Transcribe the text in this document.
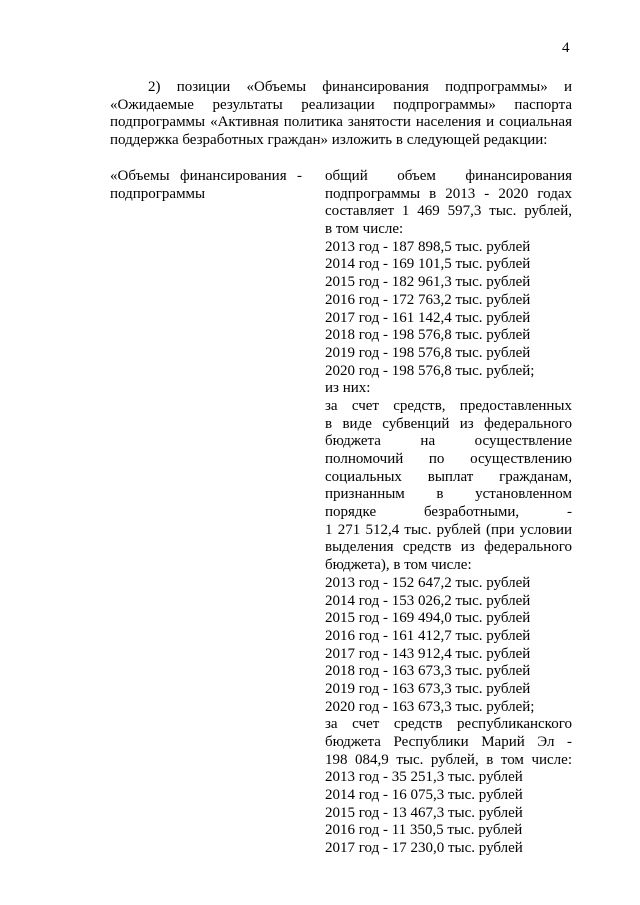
4
2) позиции «Объемы финансирования подпрограммы» и
«Ожидаемые результаты реализации подпрограммы» паспорта
подпрограммы «Активная политика занятости населения и социальная
поддержка безработных граждан» изложить в следующей редакции:
«Объемы финансирования -
подпрограммы
общий объем финансирования
подпрограммы в 2013 - 2020 годах
составляет 1 469 597,3 тыс. рублей,
в том числе:
2013 год - 187 898,5 тыс. рублей
2014 год - 169 101,5 тыс. рублей
2015 год - 182 961,3 тыс. рублей
2016 год - 172 763,2 тыс. рублей
2017 год - 161 142,4 тыс. рублей
2018 год - 198 576,8 тыс. рублей
2019 год - 198 576,8 тыс. рублей
2020 год - 198 576,8 тыс. рублей;
из них:
за счет средств, предоставленных
в виде субвенций из федерального
бюджета на осуществление
полномочий по осуществлению
социальных выплат гражданам,
признанным в установленном
порядке безработными, -
1 271 512,4 тыс. рублей (при условии
выделения средств из федерального
бюджета), в том числе:
2013 год - 152 647,2 тыс. рублей
2014 год - 153 026,2 тыс. рублей
2015 год - 169 494,0 тыс. рублей
2016 год - 161 412,7 тыс. рублей
2017 год - 143 912,4 тыс. рублей
2018 год - 163 673,3 тыс. рублей
2019 год - 163 673,3 тыс. рублей
2020 год - 163 673,3 тыс. рублей;
за счет средств республиканского
бюджета Республики Марий Эл -
198 084,9 тыс. рублей, в том числе:
2013 год - 35 251,3 тыс. рублей
2014 год - 16 075,3 тыс. рублей
2015 год - 13 467,3 тыс. рублей
2016 год - 11 350,5 тыс. рублей
2017 год - 17 230,0 тыс. рублей
